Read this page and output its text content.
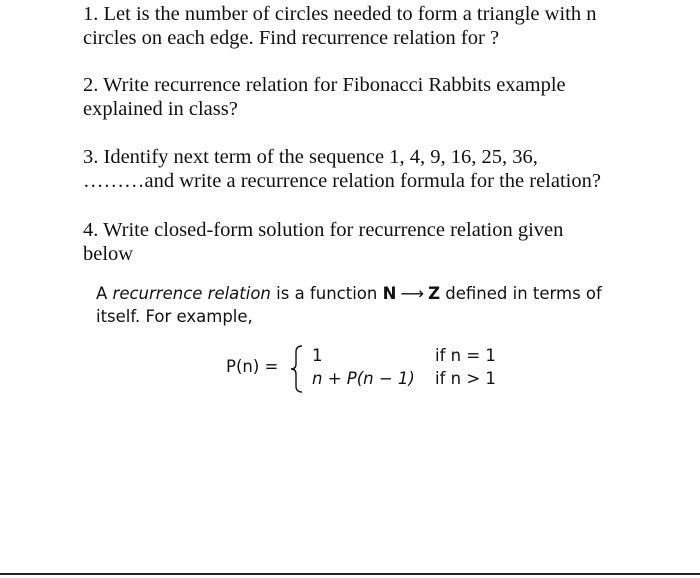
1. Let is the number of circles needed to form a triangle with n

circles on each edge. Find recurrence relation for ?

2. Write recurrence relation for Fibonacci Rabbits example

explained in class?

3. Identify next term of the sequence 1, 4, 9, 16, 25, 36,

………and write a recurrence relation formula for the relation?

4. Write closed-form solution for recurrence relation given

below

A recurrence relation is a function N ⟶ Z defined in terms of

itself. For example,

P(n) =
1
n + P(n − 1)
if n = 1
if n > 1
